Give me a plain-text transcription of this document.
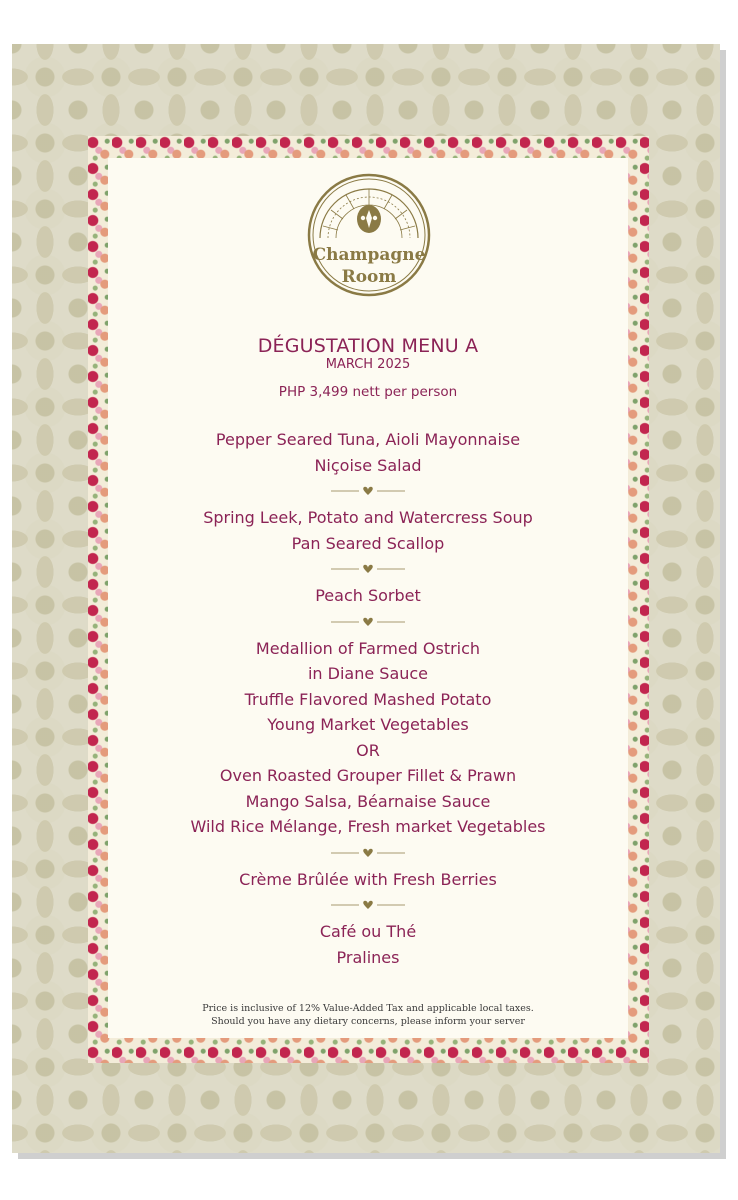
Champagne
Room
DÉGUSTATION MENU A
MARCH 2025
PHP 3,499 nett per person
Pepper Seared Tuna, Aioli Mayonnaise
Niçoise Salad
Spring Leek, Potato and Watercress Soup
Pan Seared Scallop
Peach Sorbet
Medallion of Farmed Ostrich
in Diane Sauce
Truffle Flavored Mashed Potato
Young Market Vegetables
OR
Oven Roasted Grouper Fillet & Prawn
Mango Salsa, Béarnaise Sauce
Wild Rice Mélange, Fresh market Vegetables
Crème Brûlée with Fresh Berries
Café ou Thé
Pralines
Price is inclusive of 12% Value-Added Tax and applicable local taxes.
Should you have any dietary concerns, please inform your server
